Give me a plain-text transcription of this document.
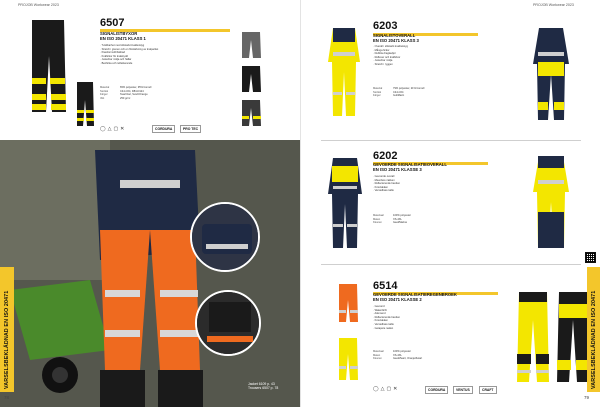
PROJOB Workwear 2023
6507
SIGNALISTBYXOR
EN ISO 20471 KLASS 1
· Tvättbarhet med slitstarkt kvalitetstyg
· Stretch i grenen och en förstärkning av knäpartiet
· Passformsförbättrad
· Knäfickor för knäskydd
· Justerbar midja och hällar
· Benficka och reflekterande
Material	65% polyester, 35% bomull
Storlek	C44-C64, D84-D124
Färger	Svart/Gul, Svart/Orange
Vikt	250 g/m²
◯△▢✕	CORDURA	PRO TEC
Jacket 6109 p. 43
Trousers 6507 p. 78
VARSELSBEKLÄDNAD EN ISO 20471
78
PROJOB Workwear 2023
6203
SIGNALISTOVERALL
EN ISO 20471 KLASS 3
· Overall i slitstarkt kvalitetstyg
· Många fickor
· Dubbla dragkedjor
· Reflexer och knäfickor
· Justerbar midja
· Stretch i ryggen
Material	79% polyester, 21% bomull
Storlek	C44-C64
Färger	Gul/Marin
6202
GEVOERDE SIGNALISATIEOVERALL
EN ISO 20471 KLASSE 3
· Gevoerde overall
· Meerdere zakken
· Reflecterende banden
· Kniezakken
· Verstelbare taille
Materiaal	100% polyester
Maten	XS-4XL
Kleuren	Geel/Marine
6514
GEVOERDE SIGNALISATIEREGENBROEK
EN ISO 20471 KLASSE 2
· Gevoerd
· Waterdicht
· Ademend
· Reflecterende banden
· Kniezakken
· Verstelbare taille
· Getapete naden
Materiaal	100% polyester
Maten	XS-4XL
Kleuren	Geel/Zwart, Oranje/Zwart
◯△▢✕	CORDURA	VENTUS	CRAFT
VARSELSBEKLÄDNAD EN ISO 20471
79
